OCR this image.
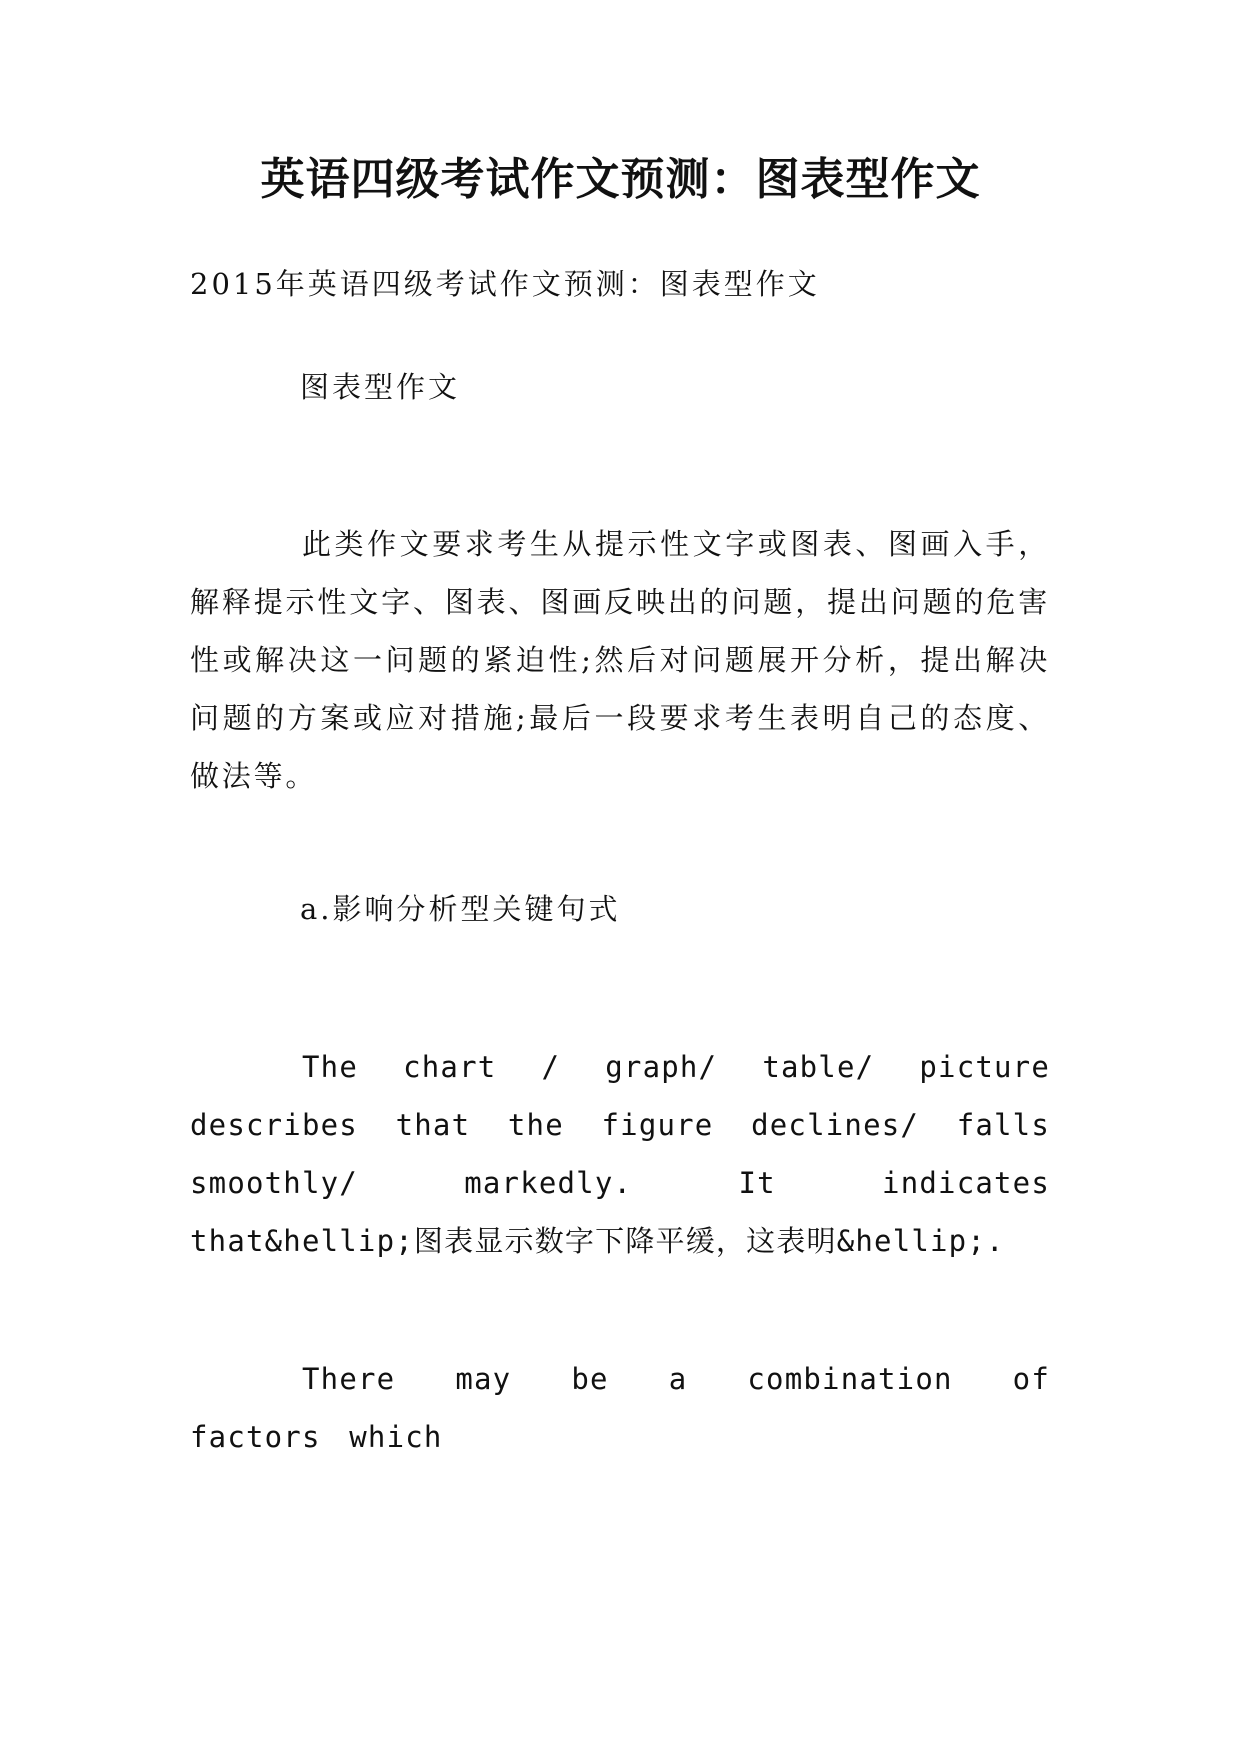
英语四级考试作文预测：图表型作文
2015年英语四级考试作文预测：图表型作文
图表型作文
此类作文要求考生从提示性文字或图表、图画入手，解释提示性文字、图表、图画反映出的问题，提出问题的危害性或解决这一问题的紧迫性;然后对问题展开分析，提出解决问题的方案或应对措施;最后一段要求考生表明自己的态度、做法等。
a.影响分析型关键句式
The chart / graph/ table/ picture describes that the figure declines/ falls smoothly/ markedly. It indicates that&hellip;图表显示数字下降平缓，这表明&hellip;.
There may be a combination of factors which
